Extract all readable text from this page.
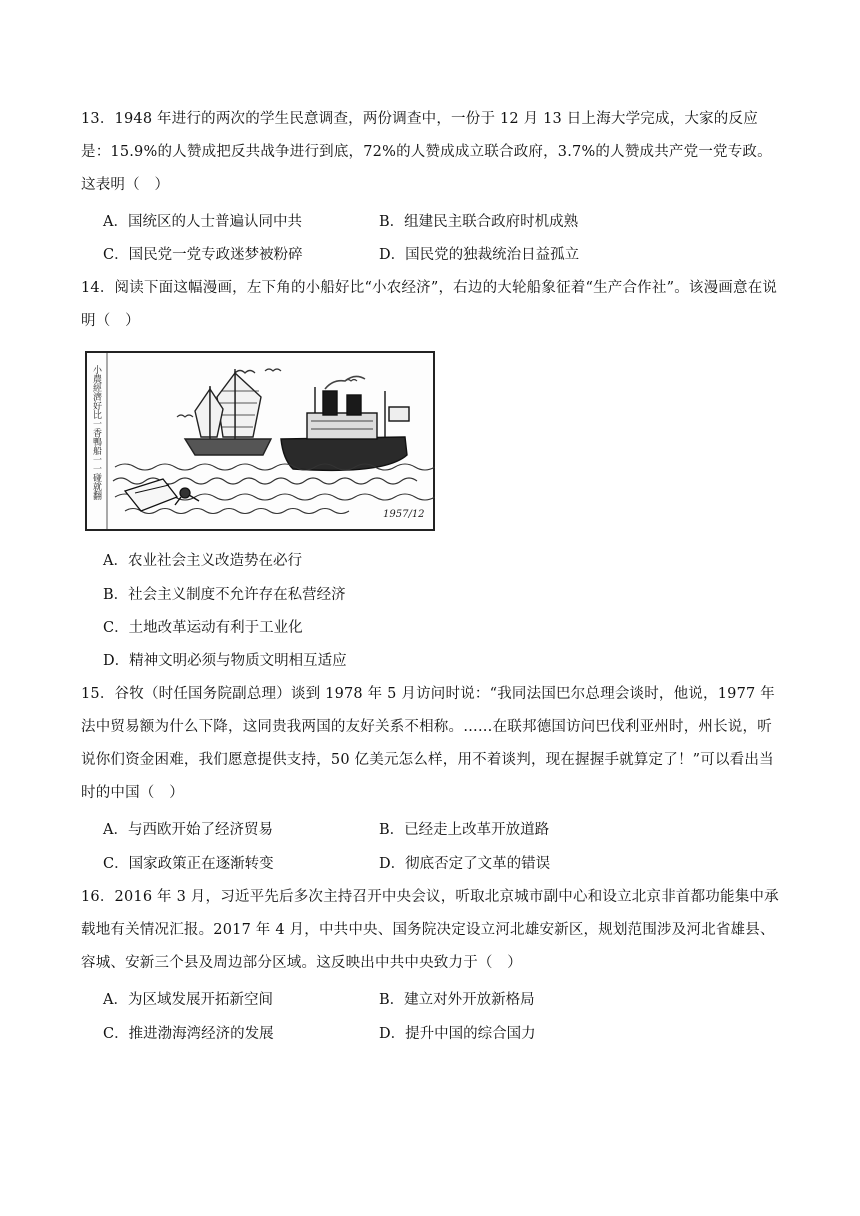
13．1948 年进行的两次的学生民意调查，两份调查中，一份于 12 月 13 日上海大学完成，大家的反应是：15.9%的人赞成把反共战争进行到底，72%的人赞成成立联合政府，3.7%的人赞成共产党一党专政。这表明（　）
A．国统区的人士普遍认同中共	B．组建民主联合政府时机成熟
C．国民党一党专政迷梦被粉碎	D．国民党的独裁统治日益孤立
14．阅读下面这幅漫画，左下角的小船好比“小农经济”，右边的大轮船象征着“生产合作社”。该漫画意在说明（　）
小農經濟好比一香鴨船一一碰就翻
1957/12
A．农业社会主义改造势在必行
B．社会主义制度不允许存在私营经济
C．土地改革运动有利于工业化
D．精神文明必须与物质文明相互适应
15．谷牧（时任国务院副总理）谈到 1978 年 5 月访问时说：“我同法国巴尔总理会谈时，他说，1977 年法中贸易额为什么下降，这同贵我两国的友好关系不相称。……在联邦德国访问巴伐利亚州时，州长说，听说你们资金困难，我们愿意提供支持，50 亿美元怎么样，用不着谈判，现在握握手就算定了！”可以看出当时的中国（　）
A．与西欧开始了经济贸易	B．已经走上改革开放道路
C．国家政策正在逐渐转变	D．彻底否定了文革的错误
16．2016 年 3 月，习近平先后多次主持召开中央会议，听取北京城市副中心和设立北京非首都功能集中承载地有关情况汇报。2017 年 4 月，中共中央、国务院决定设立河北雄安新区，规划范围涉及河北省雄县、容城、安新三个县及周边部分区域。这反映出中共中央致力于（　）
A．为区域发展开拓新空间	B．建立对外开放新格局
C．推进渤海湾经济的发展	D．提升中国的综合国力
